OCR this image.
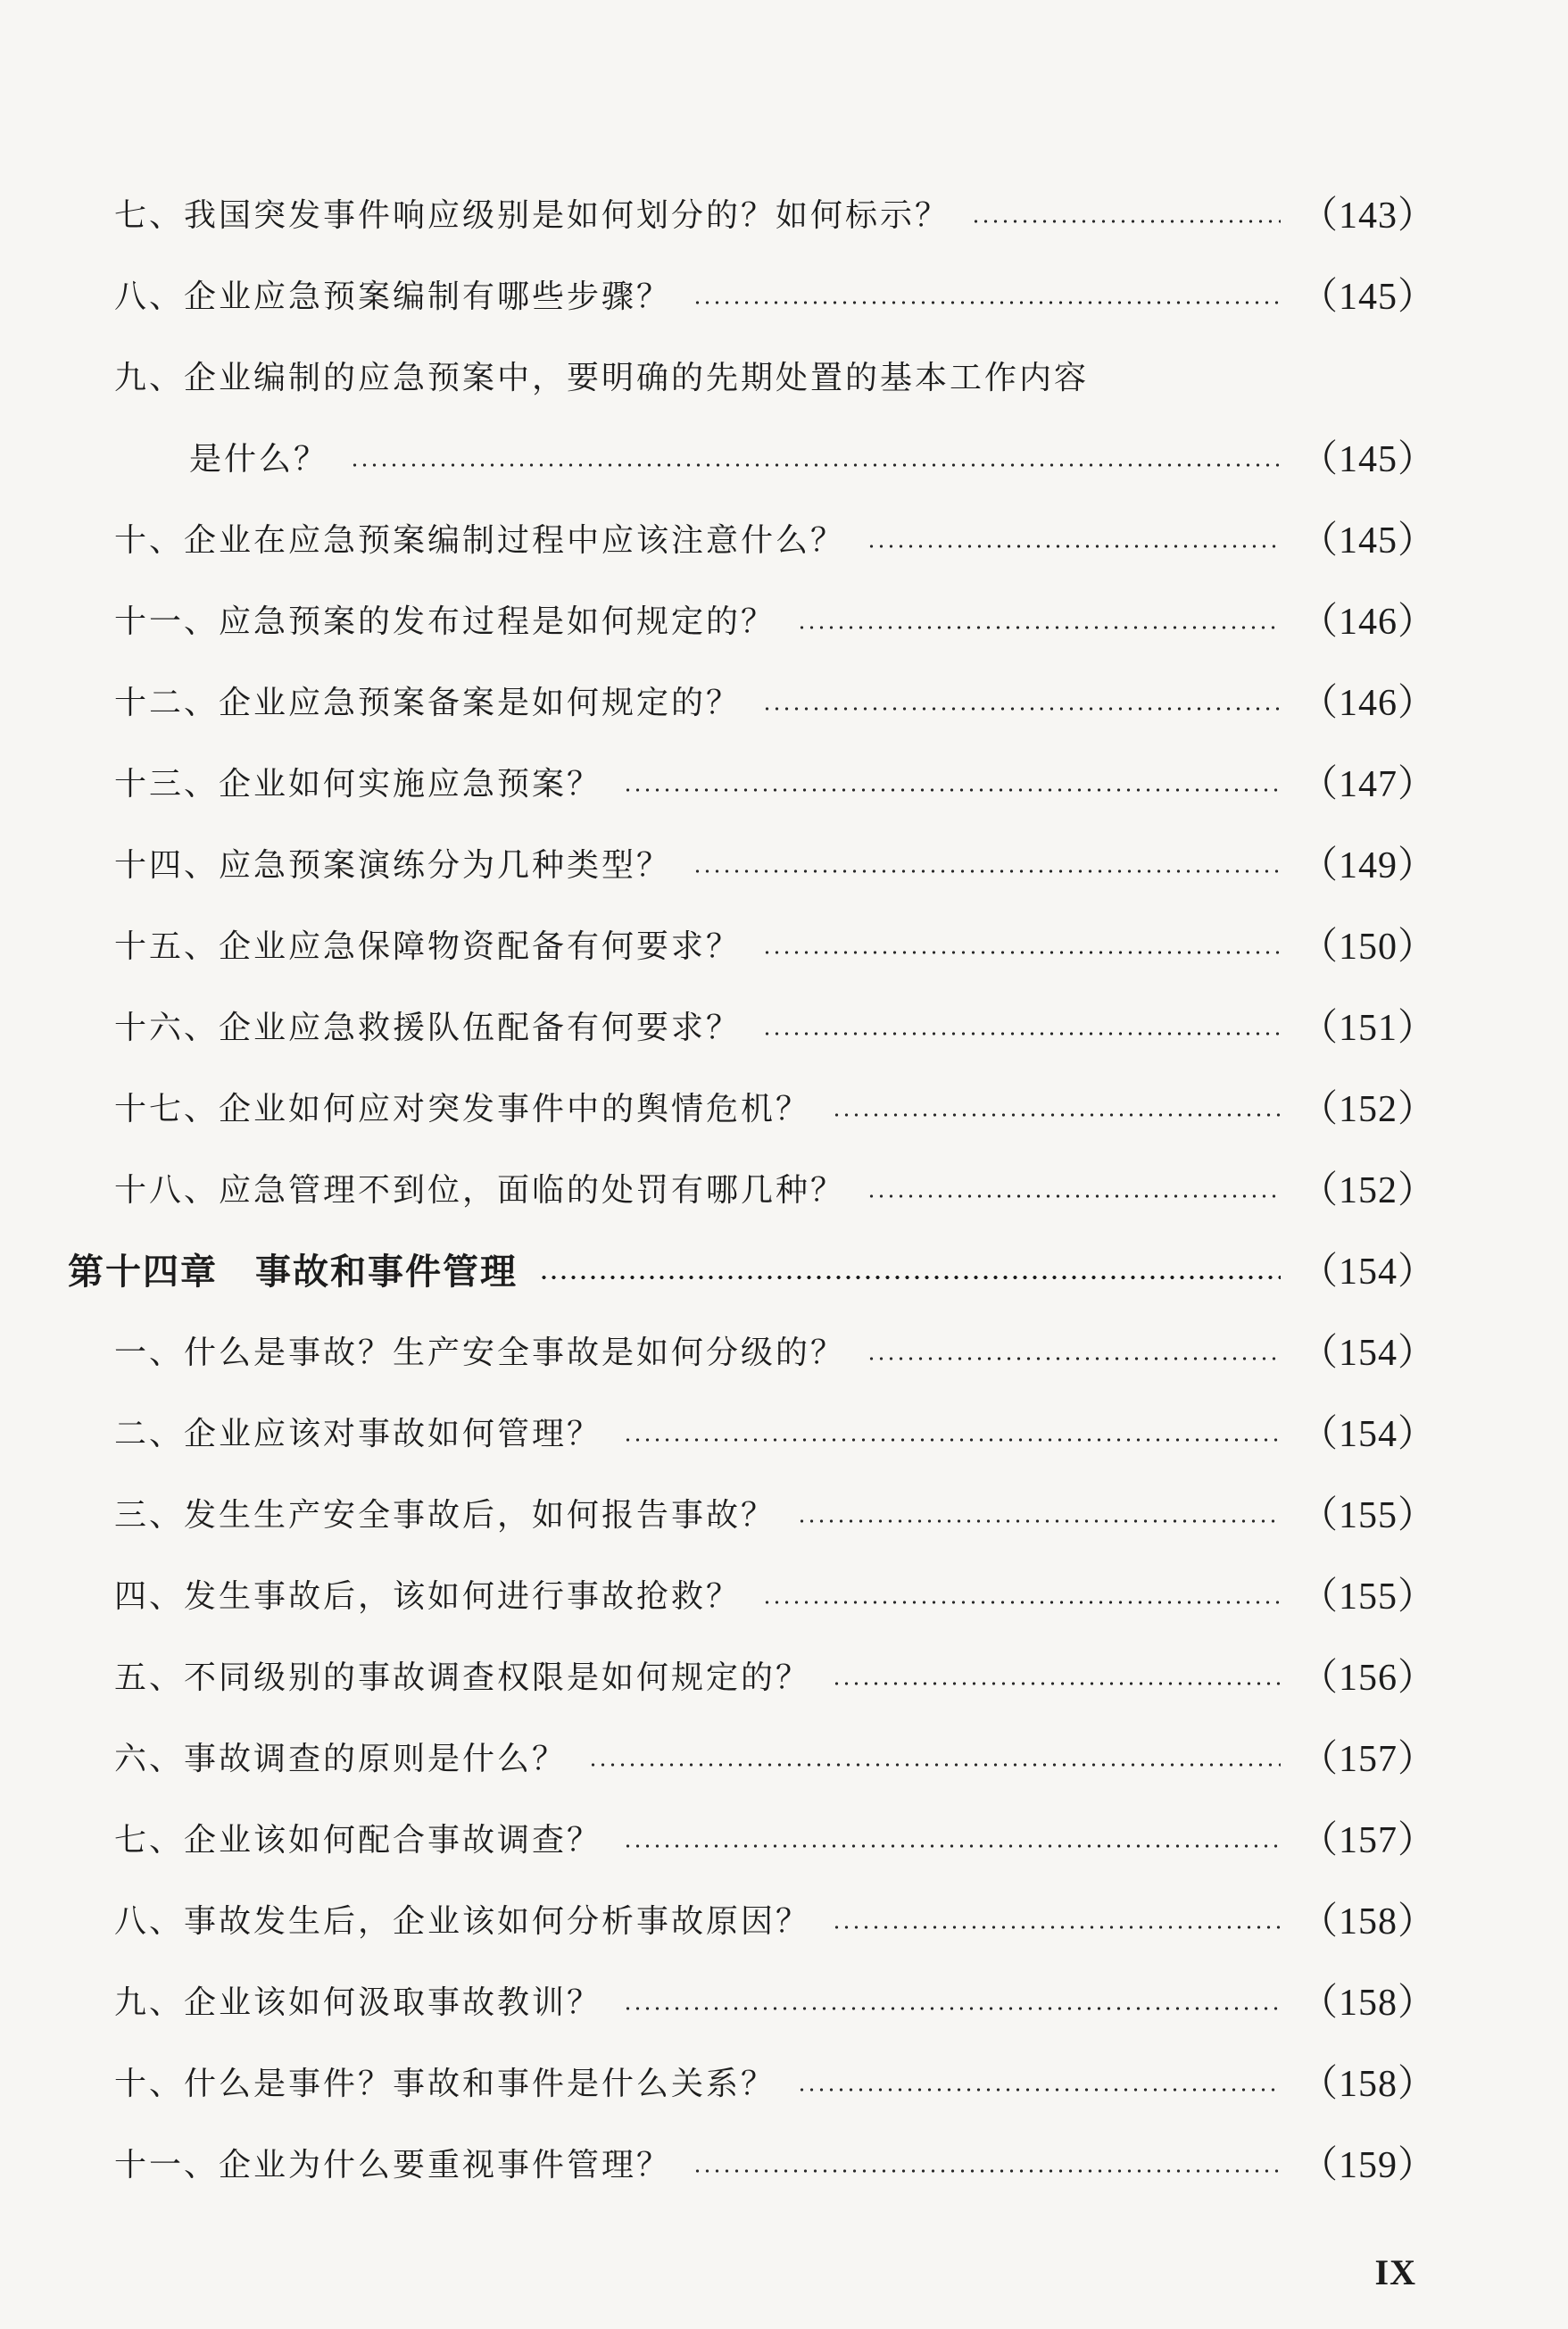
七、我国突发事件响应级别是如何划分的？如何标示？	（143）
八、企业应急预案编制有哪些步骤？	（145）
九、企业编制的应急预案中，要明确的先期处置的基本工作内容
是什么？	（145）
十、企业在应急预案编制过程中应该注意什么？	（145）
十一、应急预案的发布过程是如何规定的？	（146）
十二、企业应急预案备案是如何规定的？	（146）
十三、企业如何实施应急预案？	（147）
十四、应急预案演练分为几种类型？	（149）
十五、企业应急保障物资配备有何要求？	（150）
十六、企业应急救援队伍配备有何要求？	（151）
十七、企业如何应对突发事件中的舆情危机？	（152）
十八、应急管理不到位，面临的处罚有哪几种？	（152）
第十四章　事故和事件管理	（154）
一、什么是事故？生产安全事故是如何分级的？	（154）
二、企业应该对事故如何管理？	（154）
三、发生生产安全事故后，如何报告事故？	（155）
四、发生事故后，该如何进行事故抢救？	（155）
五、不同级别的事故调查权限是如何规定的？	（156）
六、事故调查的原则是什么？	（157）
七、企业该如何配合事故调查？	（157）
八、事故发生后，企业该如何分析事故原因？	（158）
九、企业该如何汲取事故教训？	（158）
十、什么是事件？事故和事件是什么关系？	（158）
十一、企业为什么要重视事件管理？	（159）
IX
